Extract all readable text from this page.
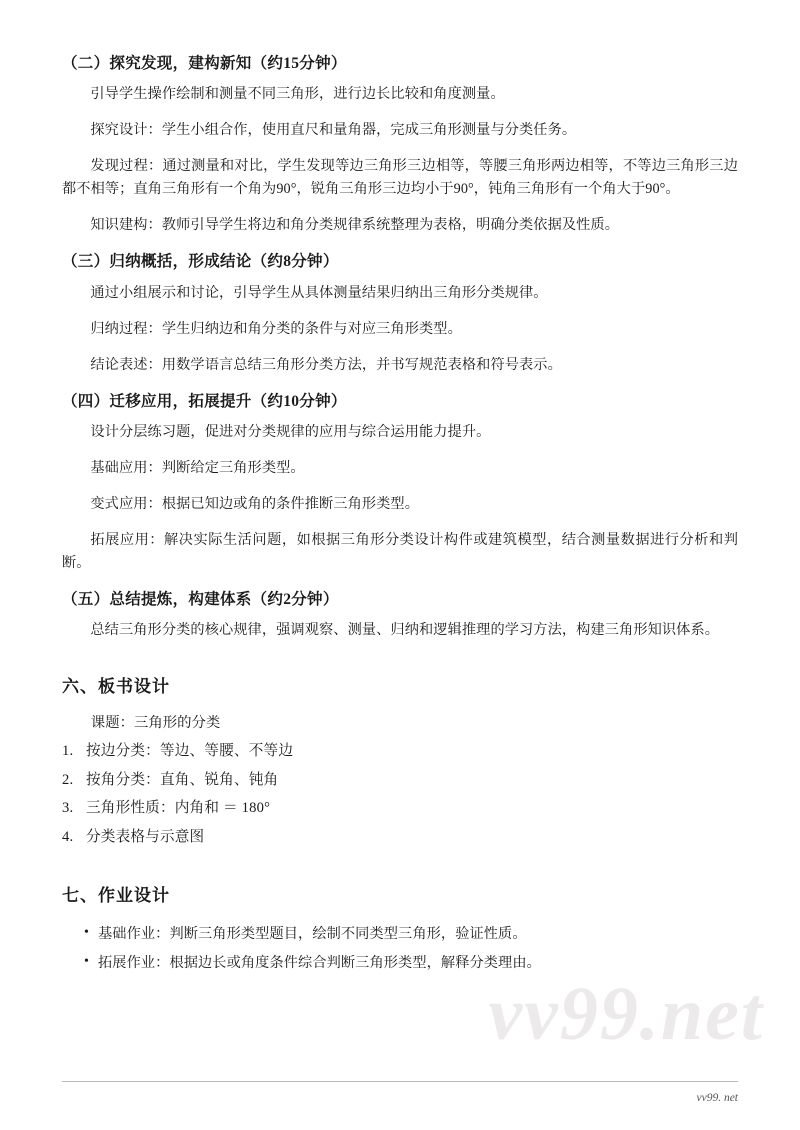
vv99.net
（二）探究发现，建构新知（约15分钟）

引导学生操作绘制和测量不同三角形，进行边长比较和角度测量。

探究设计：学生小组合作，使用直尺和量角器，完成三角形测量与分类任务。

发现过程：通过测量和对比，学生发现等边三角形三边相等，等腰三角形两边相等，不等边三角形三边都不相等；直角三角形有一个角为90°，锐角三角形三边均小于90°，钝角三角形有一个角大于90°。

知识建构：教师引导学生将边和角分类规律系统整理为表格，明确分类依据及性质。

（三）归纳概括，形成结论（约8分钟）

通过小组展示和讨论，引导学生从具体测量结果归纳出三角形分类规律。

归纳过程：学生归纳边和角分类的条件与对应三角形类型。

结论表述：用数学语言总结三角形分类方法，并书写规范表格和符号表示。

（四）迁移应用，拓展提升（约10分钟）

设计分层练习题，促进对分类规律的应用与综合运用能力提升。

基础应用：判断给定三角形类型。

变式应用：根据已知边或角的条件推断三角形类型。

拓展应用：解决实际生活问题，如根据三角形分类设计构件或建筑模型，结合测量数据进行分析和判断。

（五）总结提炼，构建体系（约2分钟）

总结三角形分类的核心规律，强调观察、测量、归纳和逻辑推理的学习方法，构建三角形知识体系。

六、板书设计
课题：三角形的分类
1. 按边分类：等边、等腰、不等边
2. 按角分类：直角、锐角、钝角
3. 三角形性质：内角和 ＝ 180°
4. 分类表格与示意图
七、作业设计
• 基础作业：判断三角形类型题目，绘制不同类型三角形，验证性质。
• 拓展作业：根据边长或角度条件综合判断三角形类型，解释分类理由。
vv99. net
